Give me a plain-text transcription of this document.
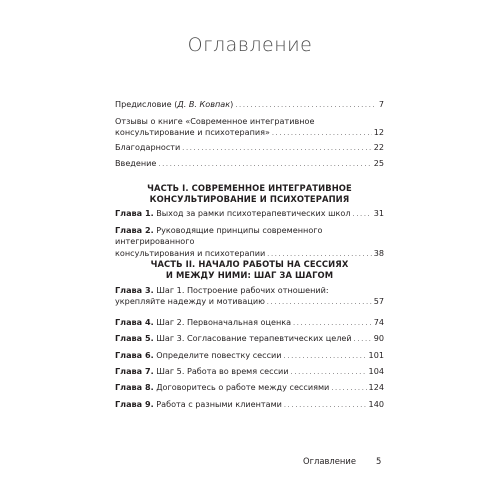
Оглавление
Предисловие (Д. В. Ковпак) . . .	7
Отзывы о книге «Современное интегративное
консультирование и психотерапия» . . .	12
Благодарности . . .	22
Введение . . .	25
ЧАСТЬ I. СОВРЕМЕННОЕ ИНТЕГРАТИВНОЕ
КОНСУЛЬТИРОВАНИЕ И ПСИХОТЕРАПИЯ
Глава 1. Выход за рамки психотерапевтических школ . . .	31
Глава 2. Руководящие принципы современного интегрированного
консультирования и психотерапии . . .	38
ЧАСТЬ II. НАЧАЛО РАБОТЫ НА СЕССИЯХ
И МЕЖДУ НИМИ: ШАГ ЗА ШАГОМ
Глава 3. Шаг 1. Построение рабочих отношений:
укрепляйте надежду и мотивацию . . .	57
Глава 4. Шаг 2. Первоначальная оценка . . .	74
Глава 5. Шаг 3. Согласование терапевтических целей . . .	90
Глава 6. Определите повестку сессии . . .	101
Глава 7. Шаг 5. Работа во время сессии . . .	104
Глава 8. Договоритесь о работе между сессиями . . .	124
Глава 9. Работа с разными клиентами . . .	140
Оглавление 5
